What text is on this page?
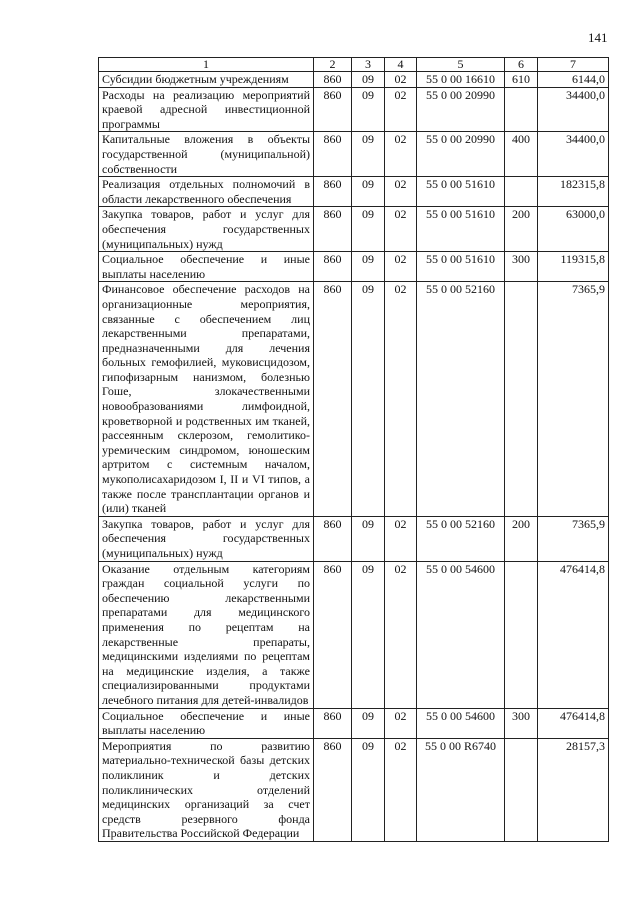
141
1	2	3	4	5	6	7
Субсидии бюджетным учреждениям	860	09	02	55 0 00 16610	610	6144,0
Расходы на реализацию мероприятий краевой адресной инвестиционной программы	860	09	02	55 0 00 20990		34400,0
Капитальные вложения в объекты государственной (муниципальной) собственности	860	09	02	55 0 00 20990	400	34400,0
Реализация отдельных полномочий в области лекарственного обеспечения	860	09	02	55 0 00 51610		182315,8
Закупка товаров, работ и услуг для обеспечения государственных (муниципальных) нужд	860	09	02	55 0 00 51610	200	63000,0
Социальное обеспечение и иные выплаты населению	860	09	02	55 0 00 51610	300	119315,8
Финансовое обеспечение расходов на организационные мероприятия, связанные с обеспечением лиц лекарственными препаратами, предназначенными для лечения больных гемофилией, муковисцидозом, гипофизарным нанизмом, болезнью Гоше, злокачественными новообразованиями лимфоидной, кроветворной и родственных им тканей, рассеянным склерозом, гемолитико-уремическим синдромом, юношеским артритом с системным началом, мукополисахаридозом I, II и VI типов, а также после трансплантации органов и (или) тканей	860	09	02	55 0 00 52160		7365,9
Закупка товаров, работ и услуг для обеспечения государственных (муниципальных) нужд	860	09	02	55 0 00 52160	200	7365,9
Оказание отдельным категориям граждан социальной услуги по обеспечению лекарственными препаратами для медицинского применения по рецептам на лекарственные препараты, медицинскими изделиями по рецептам на медицинские изделия, а также специализированными продуктами лечебного питания для детей-инвалидов	860	09	02	55 0 00 54600		476414,8
Социальное обеспечение и иные выплаты населению	860	09	02	55 0 00 54600	300	476414,8
Мероприятия по развитию материально-технической базы детских поликлиник и детских поликлинических отделений медицинских организаций за счет средств резервного фонда Правительства Российской Федерации	860	09	02	55 0 00 R6740		28157,3
